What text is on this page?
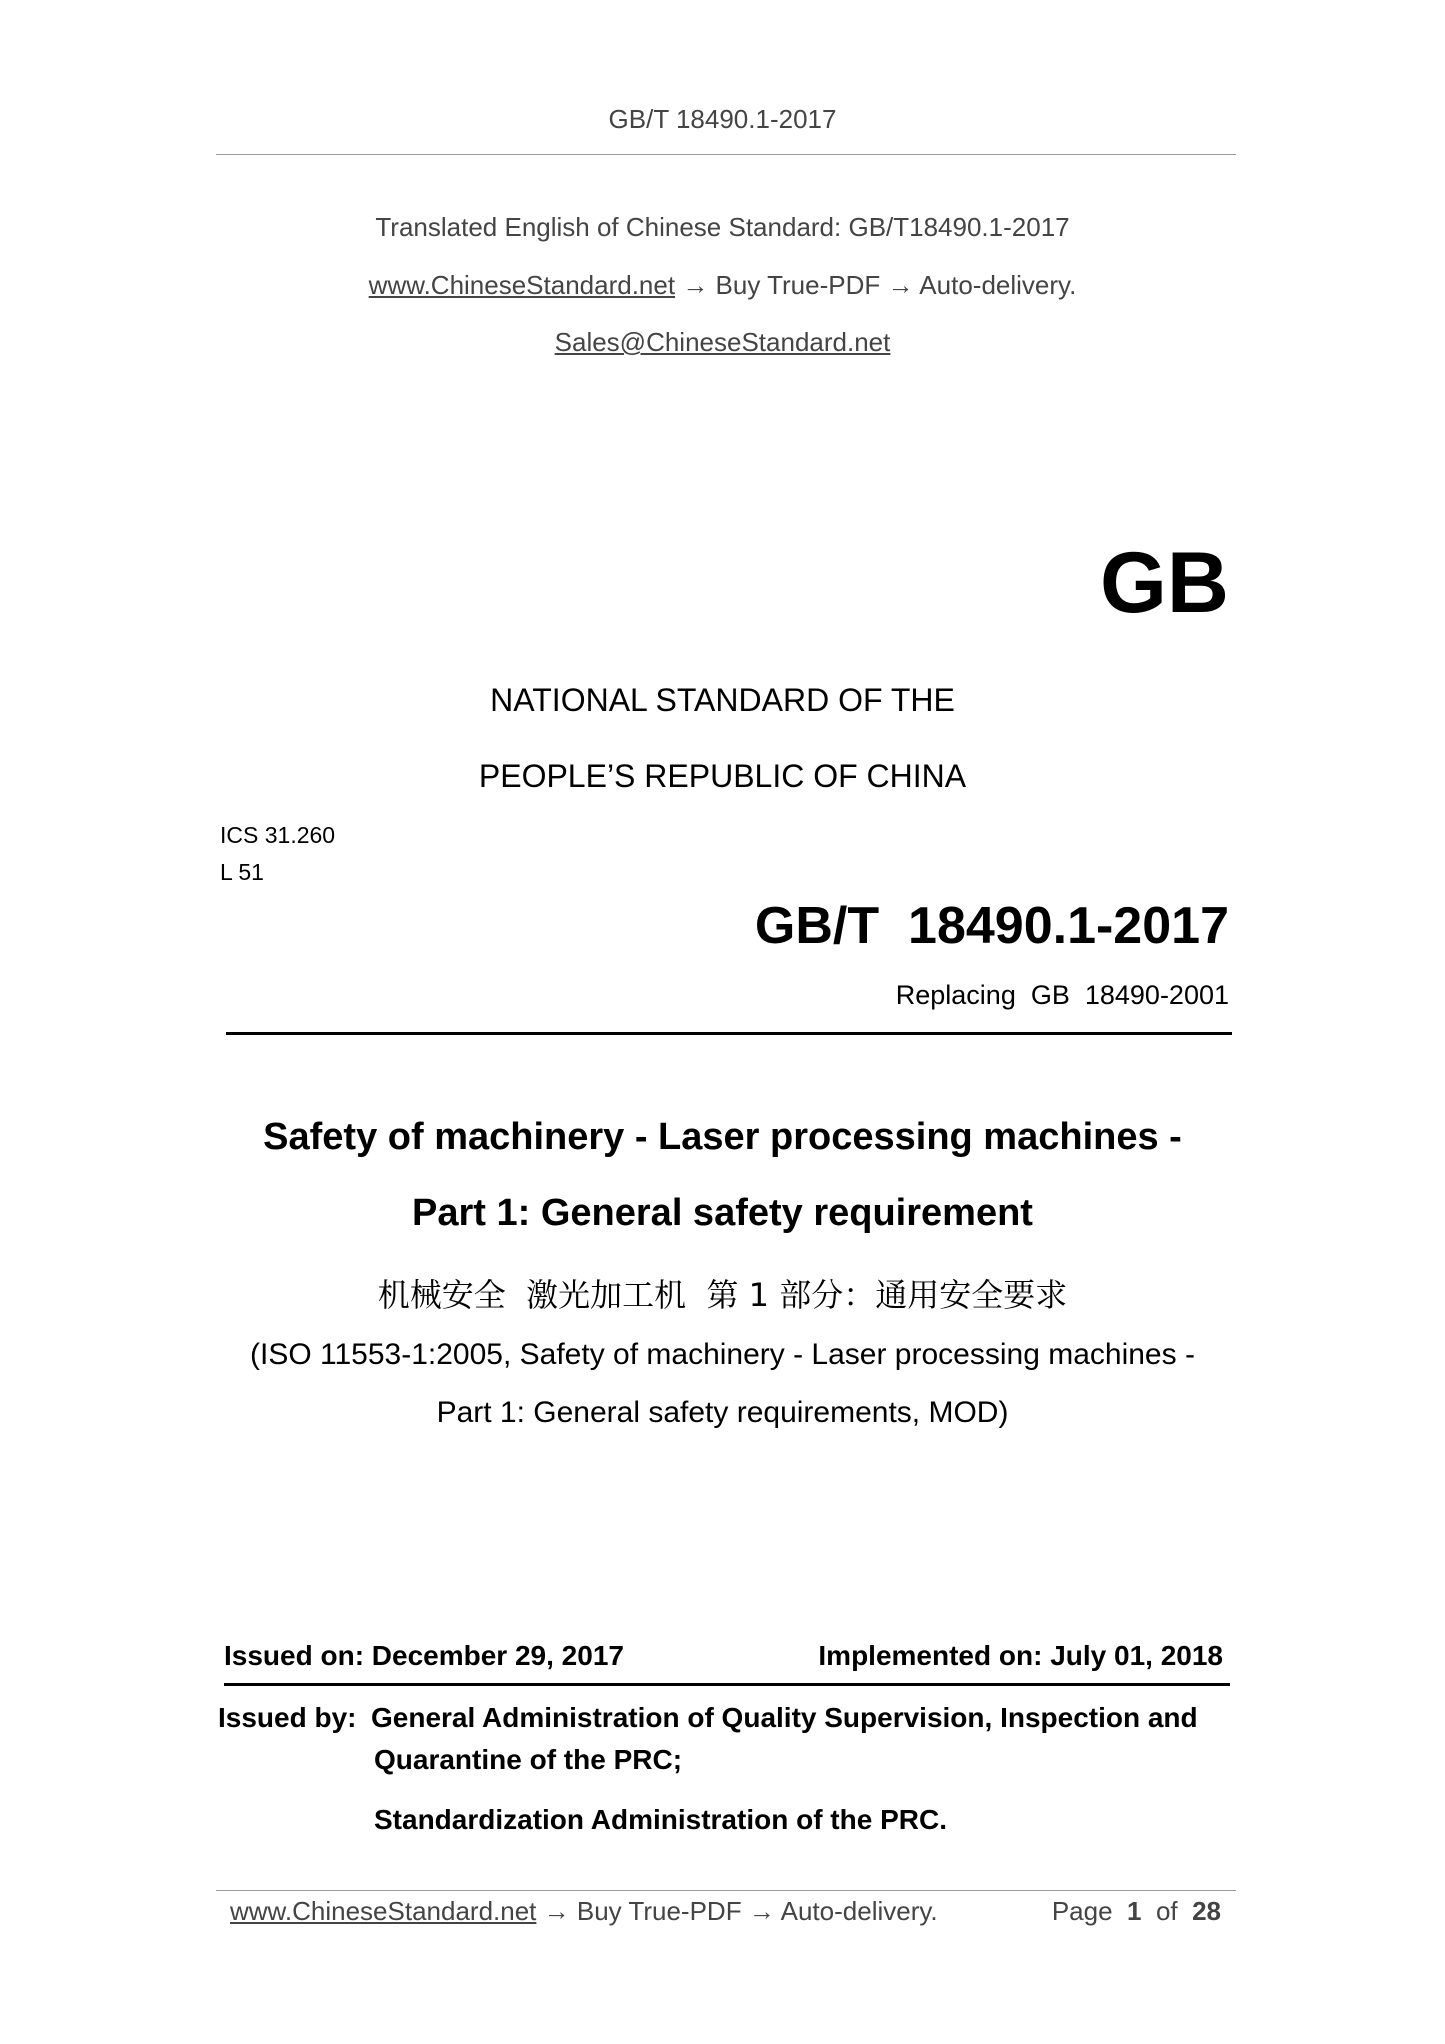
GB/T 18490.1-2017
Translated English of Chinese Standard: GB/T18490.1-2017
www.ChineseStandard.net → Buy True-PDF → Auto-delivery.
Sales@ChineseStandard.net
GB
NATIONAL STANDARD OF THE
PEOPLE’S REPUBLIC OF CHINA
ICS 31.260
L 51
GB/T  18490.1-2017
Replacing  GB  18490-2001
Safety of machinery - Laser processing machines -
Part 1: General safety requirement
机械安全  激光加工机  第 1 部分：通用安全要求
(ISO 11553-1:2005, Safety of machinery - Laser processing machines -
Part 1: General safety requirements, MOD)
Issued on: December 29, 2017	Implemented on: July 01, 2018
Issued by: General Administration of Quality Supervision, Inspection and
Quarantine of the PRC;
Standardization Administration of the PRC.
www.ChineseStandard.net → Buy True-PDF → Auto-delivery.	Page 1 of 28
